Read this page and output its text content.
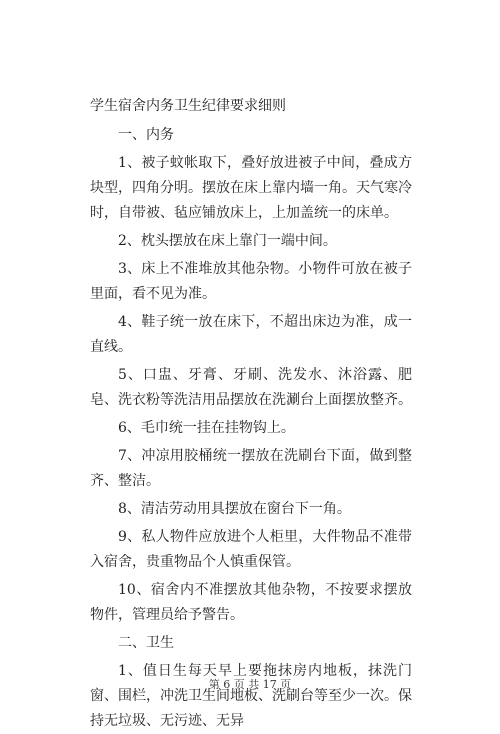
学生宿舍内务卫生纪律要求细则

一、内务

1、被子蚊帐取下，叠好放进被子中间，叠成方块型，四角分明。摆放在床上靠内墙一角。天气寒冷时，自带被、毡应铺放床上，上加盖统一的床单。

2、枕头摆放在床上靠门一端中间。

3、床上不准堆放其他杂物。小物件可放在被子里面，看不见为准。

4、鞋子统一放在床下，不超出床边为准，成一直线。

5、口盅、牙膏、牙刷、洗发水、沐浴露、肥皂、洗衣粉等洗洁用品摆放在洗涮台上面摆放整齐。

6、毛巾统一挂在挂物钩上。

7、冲凉用胶桶统一摆放在洗刷台下面，做到整齐、整洁。

8、清洁劳动用具摆放在窗台下一角。

9、私人物件应放进个人柜里，大件物品不准带入宿舍，贵重物品个人慎重保管。

10、宿舍内不准摆放其他杂物，不按要求摆放物件，管理员给予警告。

二、卫生

1、值日生每天早上要拖抹房内地板，抹洗门窗、围栏，冲洗卫生间地板、洗刷台等至少一次。保持无垃圾、无污迹、无异

第 6 页 共 17 页
